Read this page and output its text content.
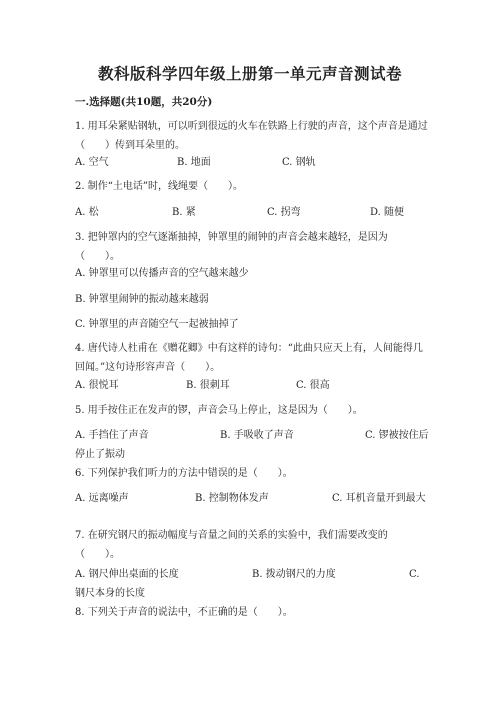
教科版科学四年级上册第一单元声音测试卷
一.选择题(共10题，共20分)
1. 用耳朵紧贴钢轨，可以听到很远的火车在铁路上行驶的声音，这个声音是通过（　　）传到耳朵里的。
A. 空气	B. 地面	C. 钢轨
2. 制作“土电话”时，线绳要（　　）。
A. 松	B. 紧	C. 拐弯	D. 随便
3. 把钟罩内的空气逐渐抽掉，钟罩里的闹钟的声音会越来越轻，是因为（　　）。
A. 钟罩里可以传播声音的空气越来越少
B. 钟罩里闹钟的振动越来越弱
C. 钟罩里的声音随空气一起被抽掉了
4. 唐代诗人杜甫在《赠花卿》中有这样的诗句：“此曲只应天上有，人间能得几回闻。”这句诗形容声音（　　）。
A. 很悦耳	B. 很刺耳	C. 很高
5. 用手按住正在发声的锣，声音会马上停止，这是因为（　　）。
A. 手挡住了声音	B. 手吸收了声音	C. 锣被按住后停止了振动
6. 下列保护我们听力的方法中错误的是（　　）。
A. 远离噪声	B. 控制物体发声	C. 耳机音量开到最大
7. 在研究钢尺的振动幅度与音量之间的关系的实验中，我们需要改变的（　　）。
A. 钢尺伸出桌面的长度	B. 拨动钢尺的力度	C. 钢尺本身的长度
8. 下列关于声音的说法中，不正确的是（　　）。
